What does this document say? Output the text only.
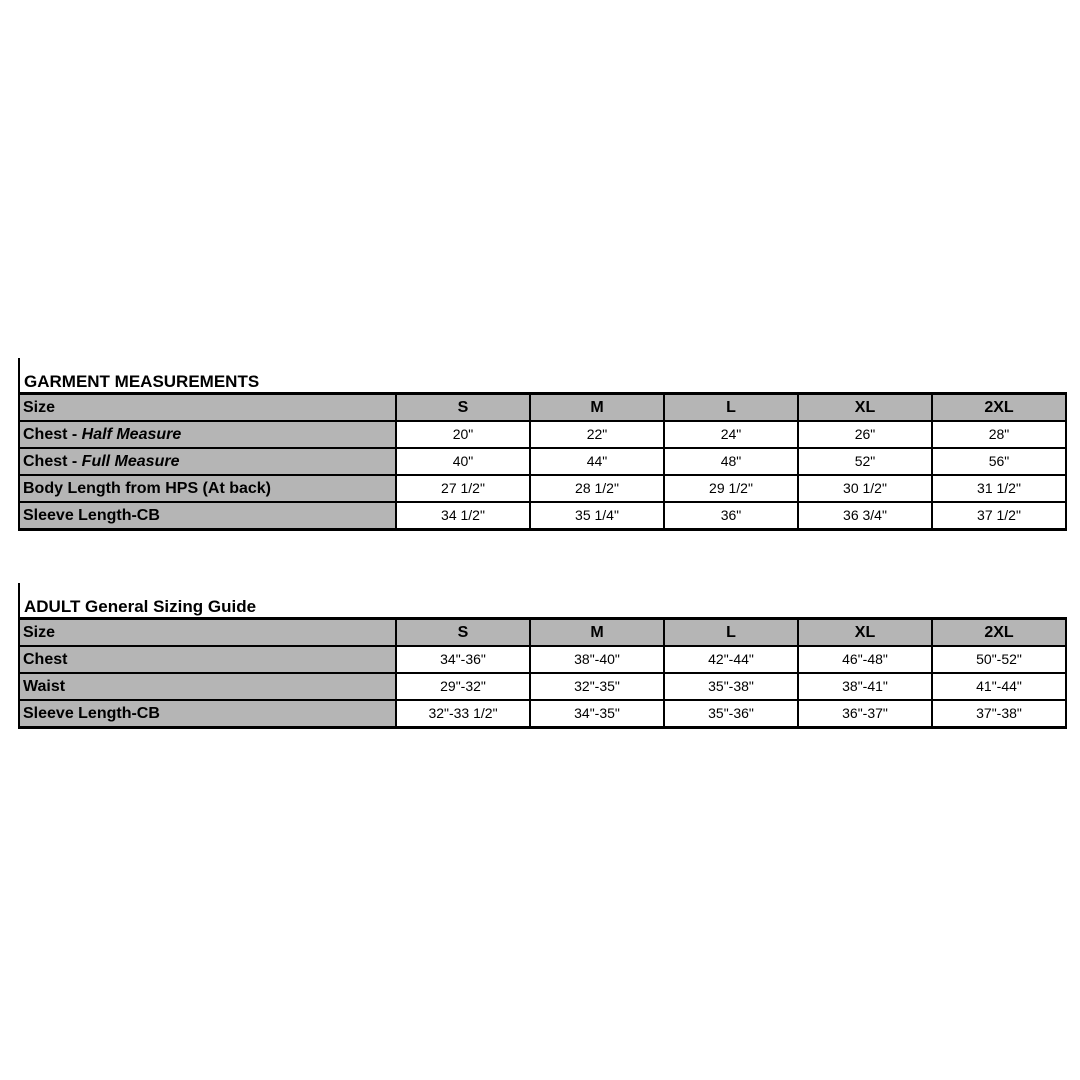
GARMENT MEASUREMENTS
Size	S	M	L	XL	2XL
Chest - Half Measure	20"	22"	24"	26"	28"
Chest - Full Measure	40"	44"	48"	52"	56"
Body Length from HPS (At back)	27 1/2"	28 1/2"	29 1/2"	30 1/2"	31 1/2"
Sleeve Length-CB	34 1/2"	35 1/4"	36"	36 3/4"	37 1/2"
ADULT General Sizing Guide
Size	S	M	L	XL	2XL
Chest	34"-36"	38"-40"	42"-44"	46"-48"	50"-52"
Waist	29"-32"	32"-35"	35"-38"	38"-41"	41"-44"
Sleeve Length-CB	32"-33 1/2"	34"-35"	35"-36"	36"-37"	37"-38"
